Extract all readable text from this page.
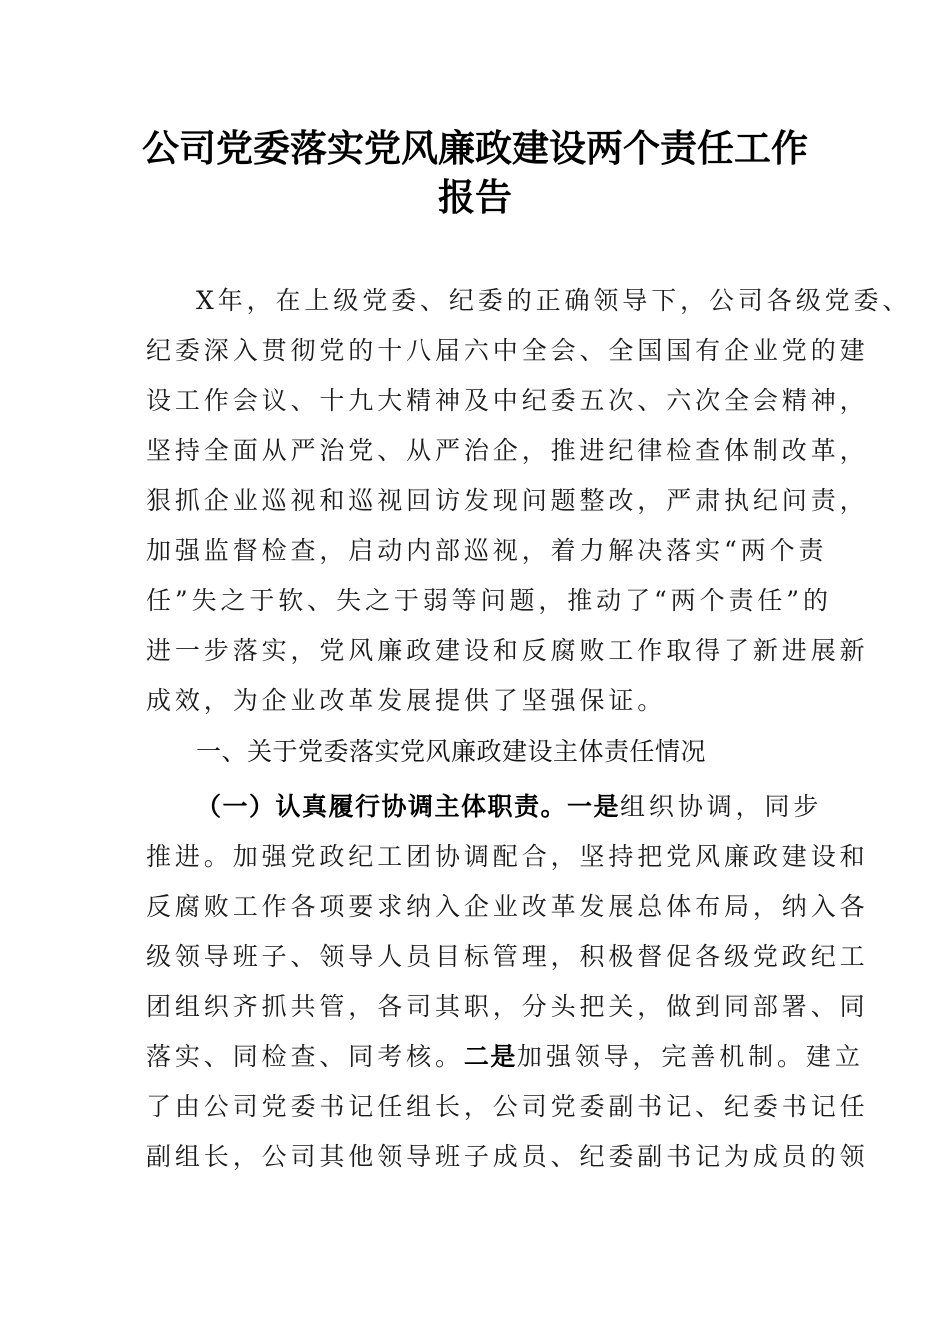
公司党委落实党风廉政建设两个责任工作
报告
X年，在上级党委、纪委的正确领导下，公司各级党委、
纪委深入贯彻党的十八届六中全会、全国国有企业党的建
设工作会议、十九大精神及中纪委五次、六次全会精神，
坚持全面从严治党、从严治企，推进纪律检查体制改革，
狠抓企业巡视和巡视回访发现问题整改，严肃执纪问责，
加强监督检查，启动内部巡视，着力解决落实“两个责
任”失之于软、失之于弱等问题，推动了“两个责任”的
进一步落实，党风廉政建设和反腐败工作取得了新进展新
成效，为企业改革发展提供了坚强保证。
一、关于党委落实党风廉政建设主体责任情况
（一）认真履行协调主体职责。一是组织协调，同步
推进。加强党政纪工团协调配合，坚持把党风廉政建设和
反腐败工作各项要求纳入企业改革发展总体布局，纳入各
级领导班子、领导人员目标管理，积极督促各级党政纪工
团组织齐抓共管，各司其职，分头把关，做到同部署、同
落实、同检查、同考核。二是加强领导，完善机制。建立
了由公司党委书记任组长，公司党委副书记、纪委书记任
副组长，公司其他领导班子成员、纪委副书记为成员的领
